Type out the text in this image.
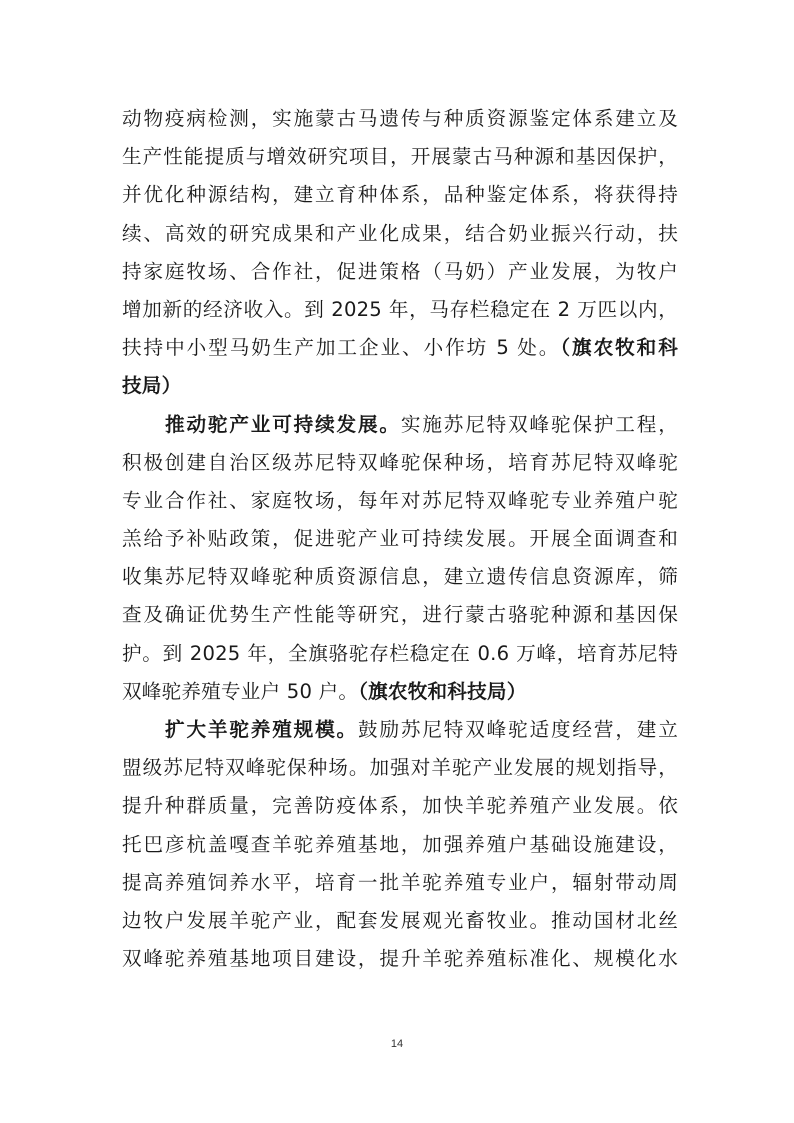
动物疫病检测，实施蒙古马遗传与种质资源鉴定体系建立及
生产性能提质与增效研究项目，开展蒙古马种源和基因保护，
并优化种源结构，建立育种体系，品种鉴定体系，将获得持
续、高效的研究成果和产业化成果，结合奶业振兴行动，扶
持家庭牧场、合作社，促进策格（马奶）产业发展，为牧户
增加新的经济收入。到 2025 年，马存栏稳定在 2 万匹以内，
扶持中小型马奶生产加工企业、小作坊 5 处。（旗农牧和科
技局）
推动驼产业可持续发展。实施苏尼特双峰驼保护工程，
积极创建自治区级苏尼特双峰驼保种场，培育苏尼特双峰驼
专业合作社、家庭牧场，每年对苏尼特双峰驼专业养殖户驼
羔给予补贴政策，促进驼产业可持续发展。开展全面调查和
收集苏尼特双峰驼种质资源信息，建立遗传信息资源库，筛
查及确证优势生产性能等研究，进行蒙古骆驼种源和基因保
护。到 2025 年，全旗骆驼存栏稳定在 0.6 万峰，培育苏尼特
双峰驼养殖专业户 50 户。（旗农牧和科技局）
扩大羊驼养殖规模。鼓励苏尼特双峰驼适度经营，建立
盟级苏尼特双峰驼保种场。加强对羊驼产业发展的规划指导，
提升种群质量，完善防疫体系，加快羊驼养殖产业发展。依
托巴彦杭盖嘎查羊驼养殖基地，加强养殖户基础设施建设，
提高养殖饲养水平，培育一批羊驼养殖专业户，辐射带动周
边牧户发展羊驼产业，配套发展观光畜牧业。推动国材北丝
双峰驼养殖基地项目建设，提升羊驼养殖标准化、规模化水
14
